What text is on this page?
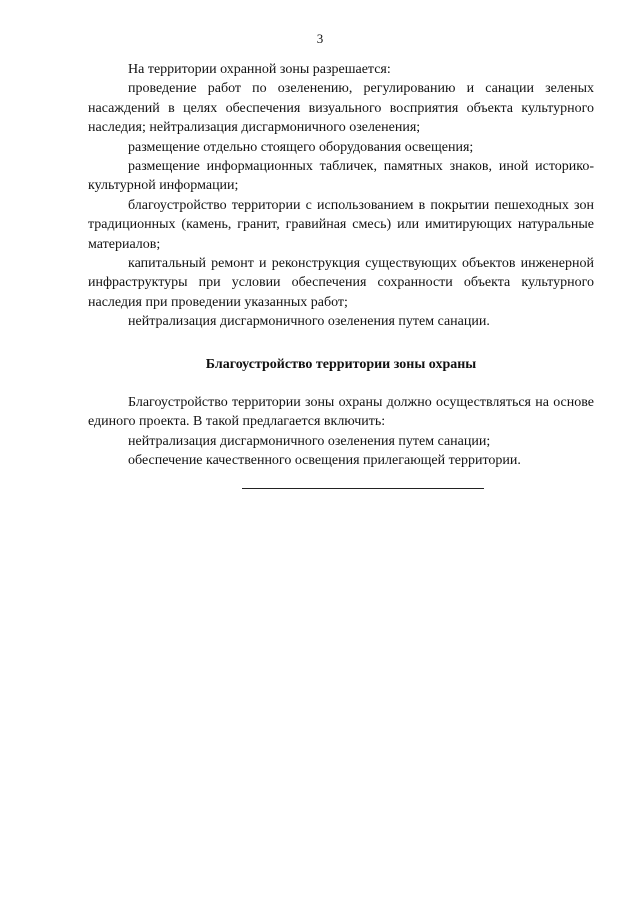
3

На территории охранной зоны разрешается:

проведение работ по озеленению, регулированию и санации зеленых насаждений в целях обеспечения визуального восприятия объекта культурного наследия; нейтрализация дисгармоничного озеленения;

размещение отдельно стоящего оборудования освещения;

размещение информационных табличек, памятных знаков, иной историко-культурной информации;

благоустройство территории с использованием в покрытии пешеходных зон традиционных (камень, гранит, гравийная смесь) или имитирующих натуральные материалов;

капитальный ремонт и реконструкция существующих объектов инженерной инфраструктуры при условии обеспечения сохранности объекта культурного наследия при проведении указанных работ;

нейтрализация дисгармоничного озеленения путем санации.

Благоустройство территории зоны охраны

Благоустройство территории зоны охраны должно осуществляться на основе единого проекта. В такой предлагается включить:

нейтрализация дисгармоничного озеленения путем санации;

обеспечение качественного освещения прилегающей территории.
